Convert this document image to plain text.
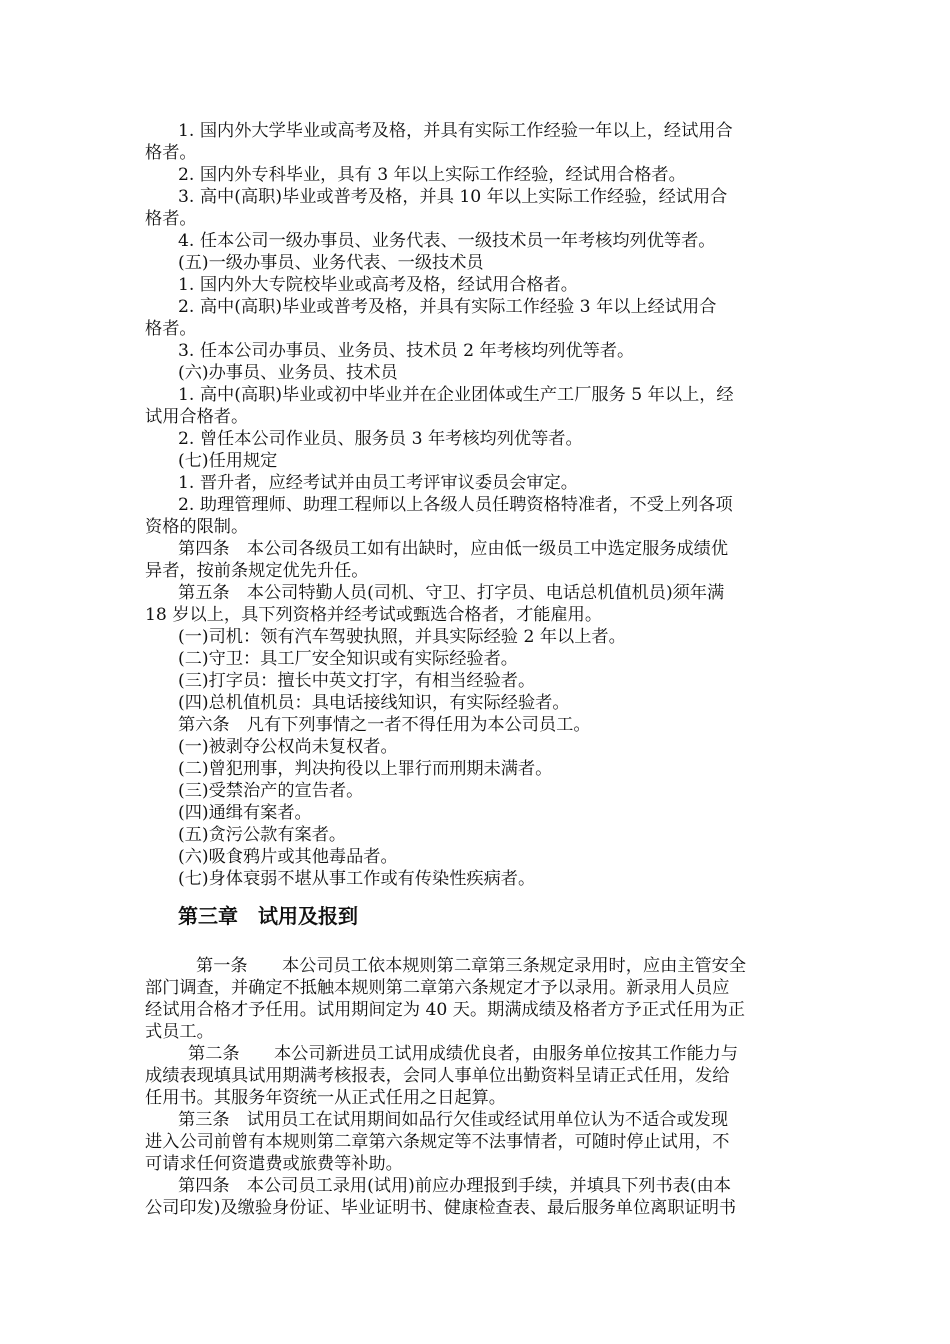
1. 国内外大学毕业或高考及格，并具有实际工作经验一年以上，经试用合
格者。
2. 国内外专科毕业，具有 3 年以上实际工作经验，经试用合格者。
3. 高中(高职)毕业或普考及格，并具 10 年以上实际工作经验，经试用合
格者。
4. 任本公司一级办事员、业务代表、一级技术员一年考核均列优等者。
(五)一级办事员、业务代表、一级技术员
1. 国内外大专院校毕业或高考及格，经试用合格者。
2. 高中(高职)毕业或普考及格，并具有实际工作经验 3 年以上经试用合
格者。
3. 任本公司办事员、业务员、技术员 2 年考核均列优等者。
(六)办事员、业务员、技术员
1. 高中(高职)毕业或初中毕业并在企业团体或生产工厂服务 5 年以上，经
试用合格者。
2. 曾任本公司作业员、服务员 3 年考核均列优等者。
(七)任用规定
1. 晋升者，应经考试并由员工考评审议委员会审定。
2. 助理管理师、助理工程师以上各级人员任聘资格特准者，不受上列各项
资格的限制。
第四条　本公司各级员工如有出缺时，应由低一级员工中选定服务成绩优
异者，按前条规定优先升任。
第五条　本公司特勤人员(司机、守卫、打字员、电话总机值机员)须年满
18 岁以上，具下列资格并经考试或甄选合格者，才能雇用。
(一)司机：领有汽车驾驶执照，并具实际经验 2 年以上者。
(二)守卫：具工厂安全知识或有实际经验者。
(三)打字员：擅长中英文打字，有相当经验者。
(四)总机值机员：具电话接线知识，有实际经验者。
第六条　凡有下列事情之一者不得任用为本公司员工。
(一)被剥夺公权尚未复权者。
(二)曾犯刑事，判决拘役以上罪行而刑期未满者。
(三)受禁治产的宣告者。
(四)通缉有案者。
(五)贪污公款有案者。
(六)吸食鸦片或其他毒品者。
(七)身体衰弱不堪从事工作或有传染性疾病者。
第一条　　本公司员工依本规则第二章第三条规定录用时，应由主管安全
部门调查，并确定不抵触本规则第二章第六条规定才予以录用。新录用人员应
经试用合格才予任用。试用期间定为 40 天。期满成绩及格者方予正式任用为正
式员工。
第二条　　本公司新进员工试用成绩优良者，由服务单位按其工作能力与
成绩表现填具试用期满考核报表，会同人事单位出勤资料呈请正式任用，发给
任用书。其服务年资统一从正式任用之日起算。
第三条　试用员工在试用期间如品行欠佳或经试用单位认为不适合或发现
进入公司前曾有本规则第二章第六条规定等不法事情者，可随时停止试用，不
可请求任何资遣费或旅费等补助。
第四条　本公司员工录用(试用)前应办理报到手续，并填具下列书表(由本
公司印发)及缴验身份证、毕业证明书、健康检查表、最后服务单位离职证明书
第三章　试用及报到
